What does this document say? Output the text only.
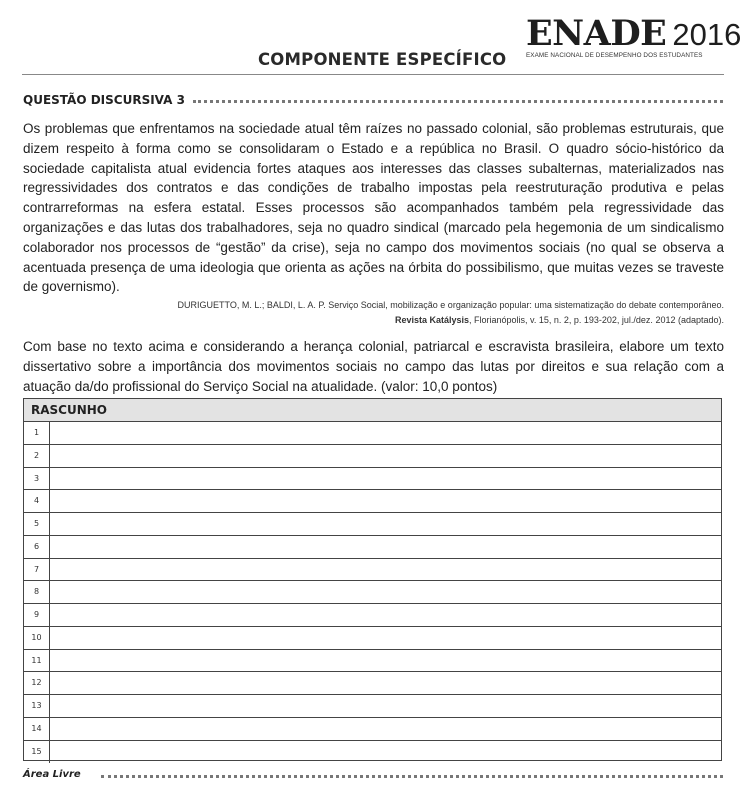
COMPONENTE ESPECÍFICO
ENADE 2016
EXAME NACIONAL DE DESEMPENHO DOS ESTUDANTES
QUESTÃO DISCURSIVA 3
Os problemas que enfrentamos na sociedade atual têm raízes no passado colonial, são problemas estruturais, que dizem respeito à forma como se consolidaram o Estado e a república no Brasil. O quadro sócio-histórico da sociedade capitalista atual evidencia fortes ataques aos interesses das classes subalternas, materializados nas regressividades dos contratos e das condições de trabalho impostas pela reestruturação produtiva e pelas contrarreformas na esfera estatal. Esses processos são acompanhados também pela regressividade das organizações e das lutas dos trabalhadores, seja no quadro sindical (marcado pela hegemonia de um sindicalismo colaborador nos processos de “gestão” da crise), seja no campo dos movimentos sociais (no qual se observa a acentuada presença de uma ideologia que orienta as ações na órbita do possibilismo, que muitas vezes se traveste de governismo).
DURIGUETTO, M. L.; BALDI, L. A. P. Serviço Social, mobilização e organização popular: uma sistematização do debate contemporâneo.
Revista Katálysis, Florianópolis, v. 15, n. 2, p. 193-202, jul./dez. 2012 (adaptado).
Com base no texto acima e considerando a herança colonial, patriarcal e escravista brasileira, elabore um texto dissertativo sobre a importância dos movimentos sociais no campo das lutas por direitos e sua relação com a atuação da/do profissional do Serviço Social na atualidade. (valor: 10,0 pontos)
RASCUNHO
1
2
3
4
5
6
7
8
9
10
11
12
13
14
15
Área Livre
